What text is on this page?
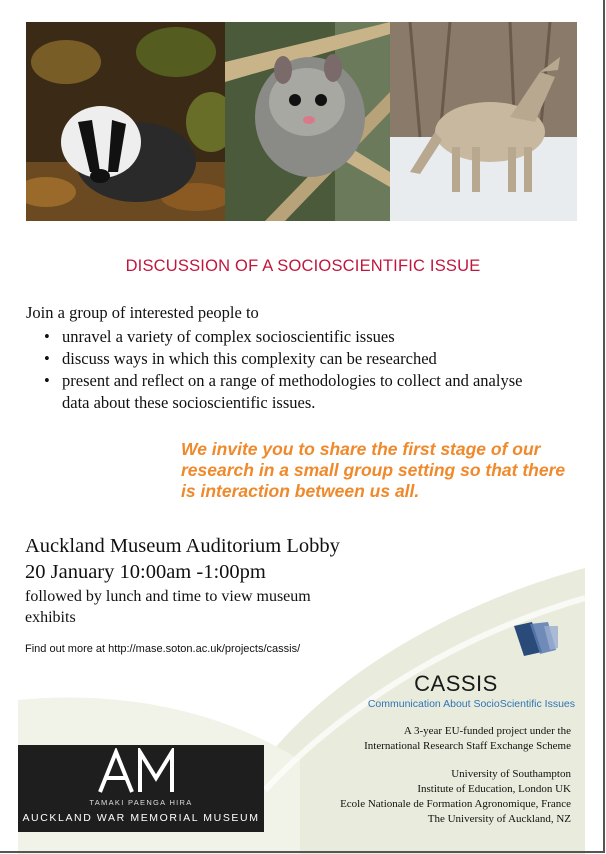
DISCUSSION OF A SOCIOSCIENTIFIC ISSUE
Join a group of interested people to
• unravel a variety of complex socioscientific issues
• discuss ways in which this complexity can be researched
• present and reflect on a range of methodologies to collect and analyse data about these socioscientific issues.
We invite you to share the first stage of our research in a small group setting so that there is interaction between us all.
Auckland Museum Auditorium Lobby
20 January 10:00am -1:00pm
followed by lunch and time to view museum exhibits
Find out more at http://mase.soton.ac.uk/projects/cassis/
CASSIS
Communication About SocioScientific Issues
A 3-year EU-funded project under the
International Research Staff Exchange Scheme
University of Southampton
Institute of Education, London UK
Ecole Nationale de Formation Agronomique, France
The University of Auckland, NZ
TAMAKI PAENGA HIRA
AUCKLAND WAR MEMORIAL MUSEUM
